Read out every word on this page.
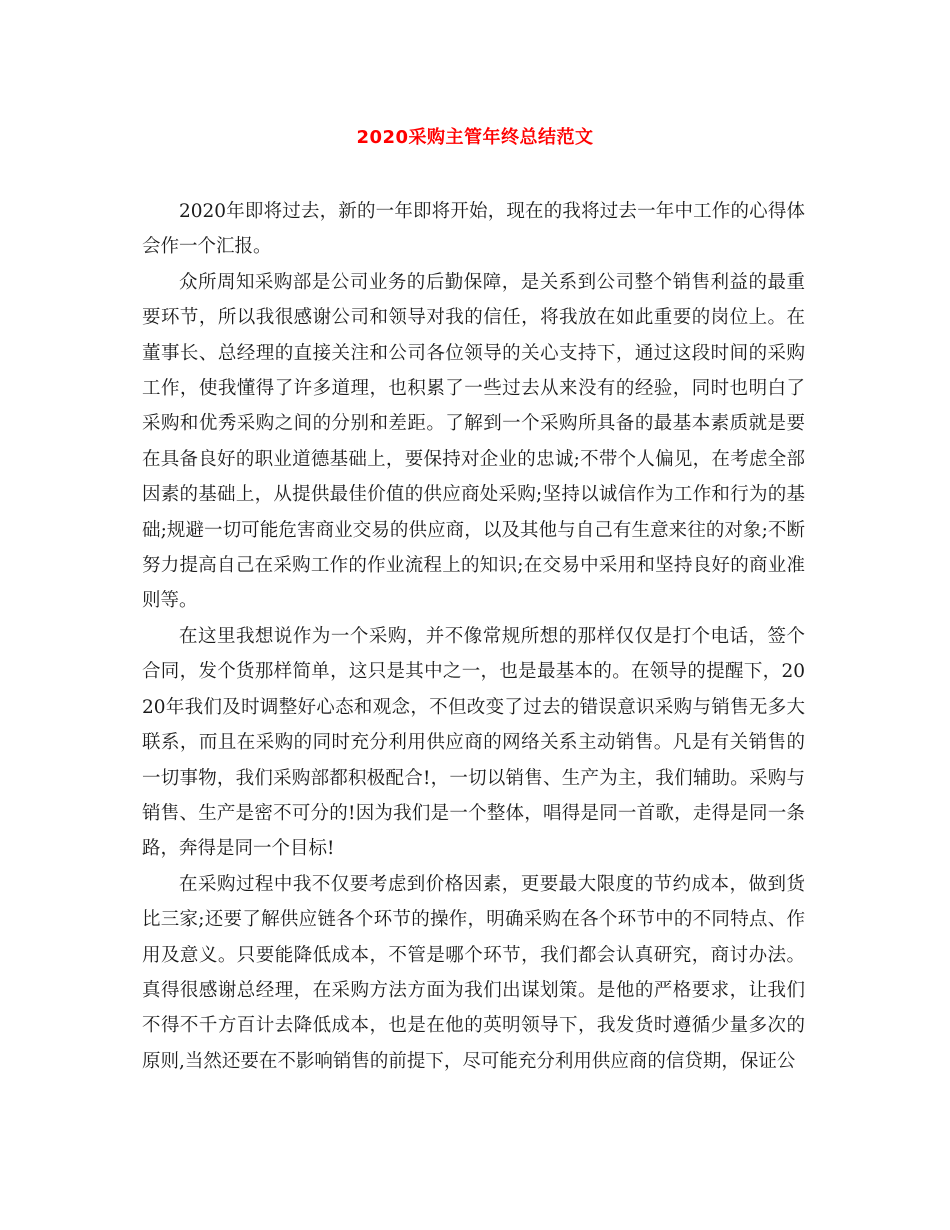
2020采购主管年终总结范文

2020年即将过去，新的一年即将开始，现在的我将过去一年中工作的心得体会作一个汇报。

众所周知采购部是公司业务的后勤保障，是关系到公司整个销售利益的最重要环节，所以我很感谢公司和领导对我的信任，将我放在如此重要的岗位上。在董事长、总经理的直接关注和公司各位领导的关心支持下，通过这段时间的采购工作，使我懂得了许多道理，也积累了一些过去从来没有的经验，同时也明白了采购和优秀采购之间的分别和差距。了解到一个采购所具备的最基本素质就是要在具备良好的职业道德基础上，要保持对企业的忠诚;不带个人偏见，在考虑全部因素的基础上，从提供最佳价值的供应商处采购;坚持以诚信作为工作和行为的基础;规避一切可能危害商业交易的供应商，以及其他与自己有生意来往的对象;不断努力提高自己在采购工作的作业流程上的知识;在交易中采用和坚持良好的商业准则等。

在这里我想说作为一个采购，并不像常规所想的那样仅仅是打个电话，签个合同，发个货那样简单，这只是其中之一，也是最基本的。在领导的提醒下，2020年我们及时调整好心态和观念，不但改变了过去的错误意识采购与销售无多大联系，而且在采购的同时充分利用供应商的网络关系主动销售。凡是有关销售的一切事物，我们采购部都积极配合!，一切以销售、生产为主，我们辅助。采购与销售、生产是密不可分的!因为我们是一个整体，唱得是同一首歌，走得是同一条路，奔得是同一个目标!

在采购过程中我不仅要考虑到价格因素，更要最大限度的节约成本，做到货比三家;还要了解供应链各个环节的操作，明确采购在各个环节中的不同特点、作用及意义。只要能降低成本，不管是哪个环节，我们都会认真研究，商讨办法。真得很感谢总经理，在采购方法方面为我们出谋划策。是他的严格要求，让我们不得不千方百计去降低成本，也是在他的英明领导下，我发货时遵循少量多次的原则,当然还要在不影响销售的前提下，尽可能充分利用供应商的信贷期，保证公
